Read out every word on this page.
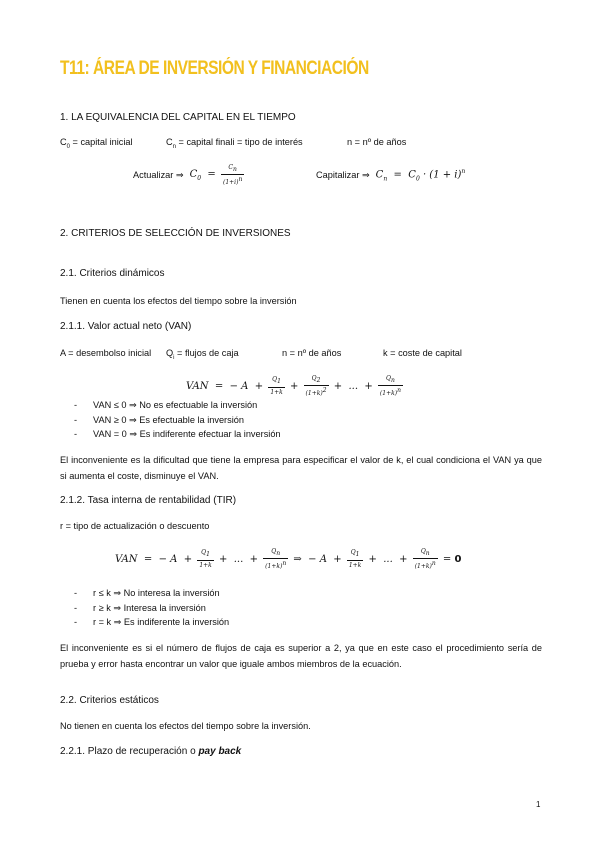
T11: ÁREA DE INVERSIÓN Y FINANCIACIÓN
1. LA EQUIVALENCIA DEL CAPITAL EN EL TIEMPO
$C_0$ = capital inicial	$C_n$ = capital finali = tipo de interés	n = nº de años
Actualizar ⇒ $C_0 = \frac{C_n}{(1+i)^n}$	Capitalizar ⇒ $C_n = C_0 \cdot (1 + i)^n$
2. CRITERIOS DE SELECCIÓN DE INVERSIONES
2.1. Criterios dinámicos
Tienen en cuenta los efectos del tiempo sobre la inversión
2.1.1. Valor actual neto (VAN)
A = desembolso inicial $Q_i$ = flujos de caja	n = nº de años	k = coste de capital
VAN  =  − $A + \frac{Q_1}{1+k} + \frac{Q_2}{(1+k)^2}$ +  ...  + $\frac{Q_n}{(1+k)^n}$
- VAN ≤ 0 ⇒ No es efectuable la inversión
- VAN ≥ 0 ⇒ Es efectuable la inversión
- VAN = 0 ⇒ Es indiferente efectuar la inversión
El inconveniente es la dificultad que tiene la empresa para especificar el valor de k, el cual condiciona el VAN ya que si aumenta el coste, disminuye el VAN.
2.1.2. Tasa interna de rentabilidad (TIR)
r = tipo de actualización o descuento
VAN  =  − $A + \frac{Q_1}{1+k}$ +  ...  + $\frac{Q_n}{(1+k)^n}$ ⇒  − $A + \frac{Q_1}{1+k}$ +  ...  + $\frac{Q_n}{(1+k)^n} = 0$
- r ≤ k ⇒ No interesa la inversión
- r ≥ k ⇒ Interesa la inversión
- r = k ⇒ Es indiferente la inversión
El inconveniente es si el número de flujos de caja es superior a 2, ya que en este caso el procedimiento sería de prueba y error hasta encontrar un valor que iguale ambos miembros de la ecuación.
2.2. Criterios estáticos
No tienen en cuenta los efectos del tiempo sobre la inversión.
2.2.1. Plazo de recuperación o pay back
1
